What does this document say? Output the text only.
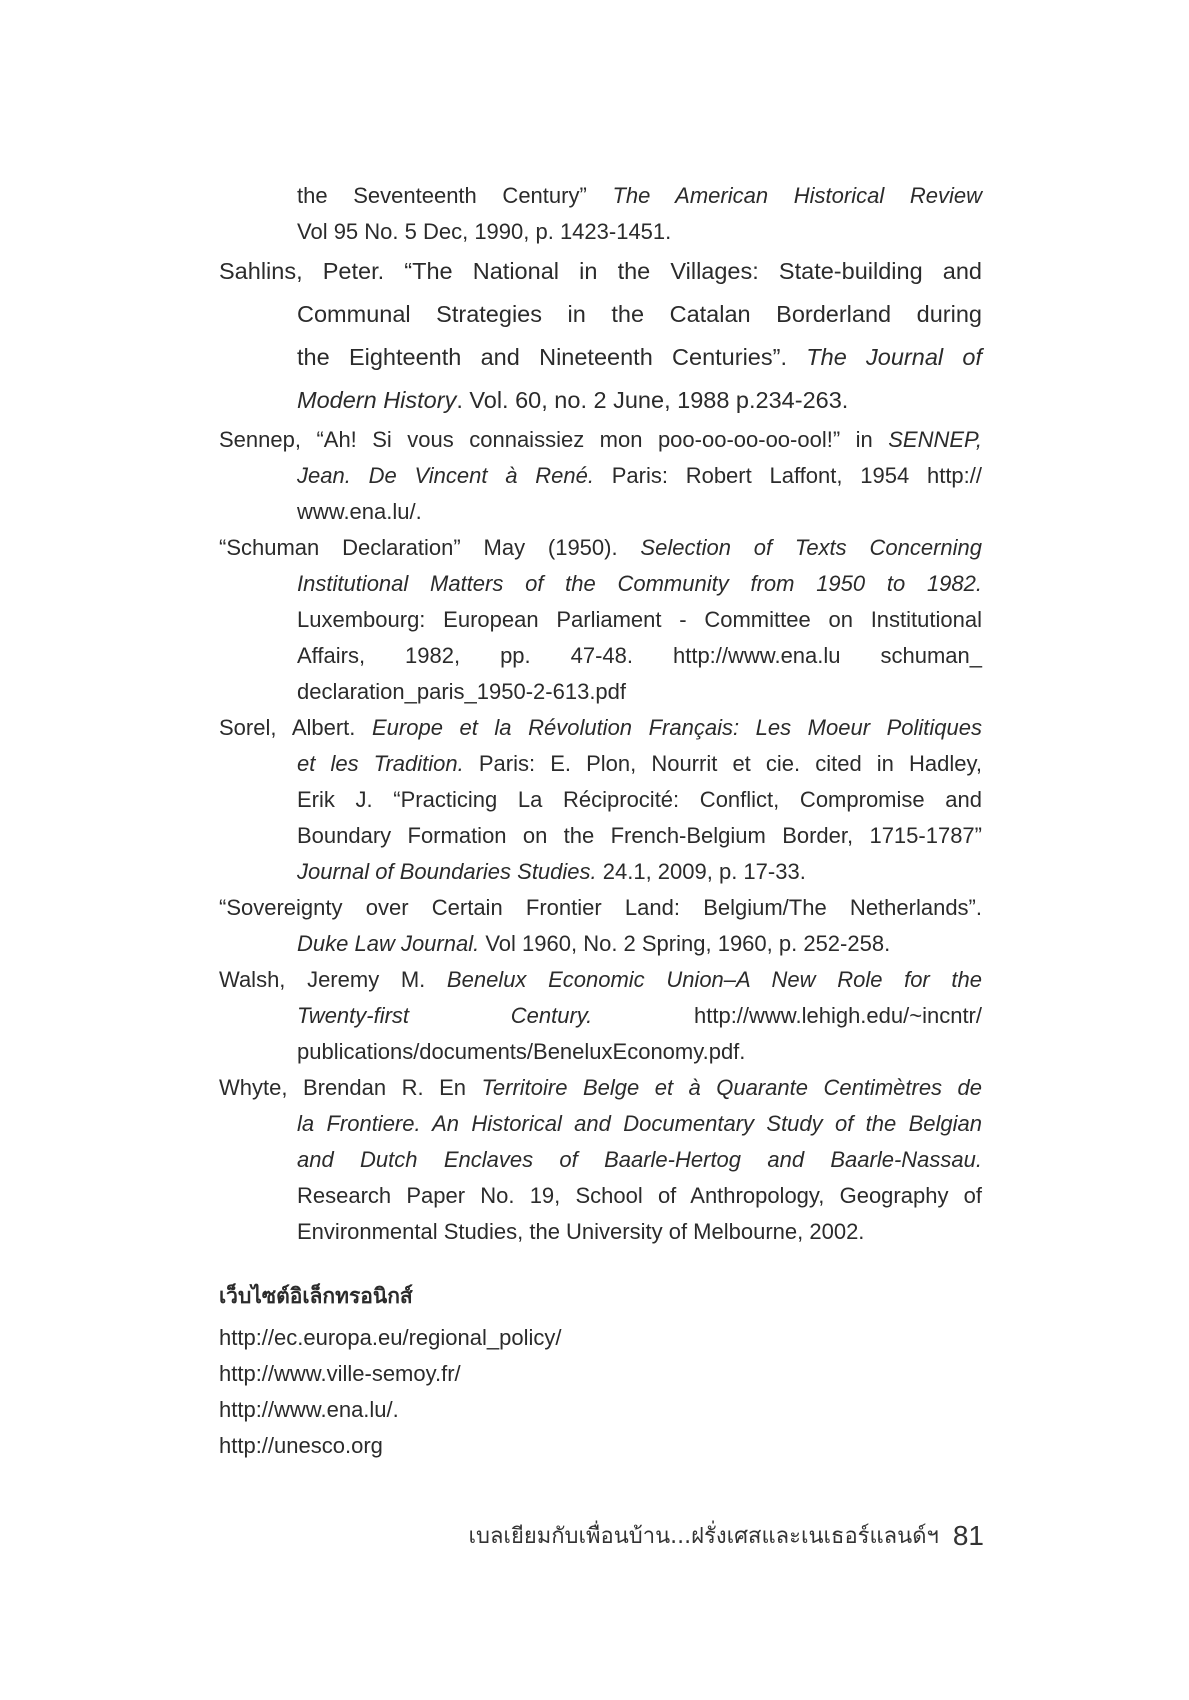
the Seventeenth Century” The American Historical Review
Vol 95 No. 5 Dec, 1990, p. 1423-1451.
Sahlins, Peter. “The National in the Villages: State-building and
Communal Strategies in the Catalan Borderland during
the Eighteenth and Nineteenth Centuries”. The Journal of
Modern History. Vol. 60, no. 2 June, 1988 p.234-263.
Sennep, “Ah! Si vous connaissiez mon poo-oo-oo-oo-ool!” in SENNEP,
Jean. De Vincent à René. Paris: Robert Laffont, 1954 http://
www.ena.lu/.
“Schuman Declaration” May (1950). Selection of Texts Concerning
Institutional Matters of the Community from 1950 to 1982.
Luxembourg: European Parliament - Committee on Institutional
Affairs, 1982, pp. 47-48. http://www.ena.lu schuman_
declaration_paris_1950-2-613.pdf
Sorel, Albert. Europe et la Révolution Français: Les Moeur Politiques
et les Tradition. Paris: E. Plon, Nourrit et cie. cited in Hadley,
Erik J. “Practicing La Réciprocité: Conflict, Compromise and
Boundary Formation on the French-Belgium Border, 1715-1787”
Journal of Boundaries Studies. 24.1, 2009, p. 17-33.
“Sovereignty over Certain Frontier Land: Belgium/The Netherlands”.
Duke Law Journal. Vol 1960, No. 2 Spring, 1960, p. 252-258.
Walsh, Jeremy M. Benelux Economic Union–A New Role for the
Twenty-first Century. http://www.lehigh.edu/~incntr/
publications/documents/BeneluxEconomy.pdf.
Whyte, Brendan R. En Territoire Belge et à Quarante Centimètres de
la Frontiere. An Historical and Documentary Study of the Belgian
and Dutch Enclaves of Baarle-Hertog and Baarle-Nassau.
Research Paper No. 19, School of Anthropology, Geography of
Environmental Studies, the University of Melbourne, 2002.
เว็บไซต์อิเล็กทรอนิกส์
http://ec.europa.eu/regional_policy/
http://www.ville-semoy.fr/
http://www.ena.lu/.
http://unesco.org
เบลเยียมกับเพื่อนบ้าน...ฝรั่งเศสและเนเธอร์แลนด์ฯ 81
